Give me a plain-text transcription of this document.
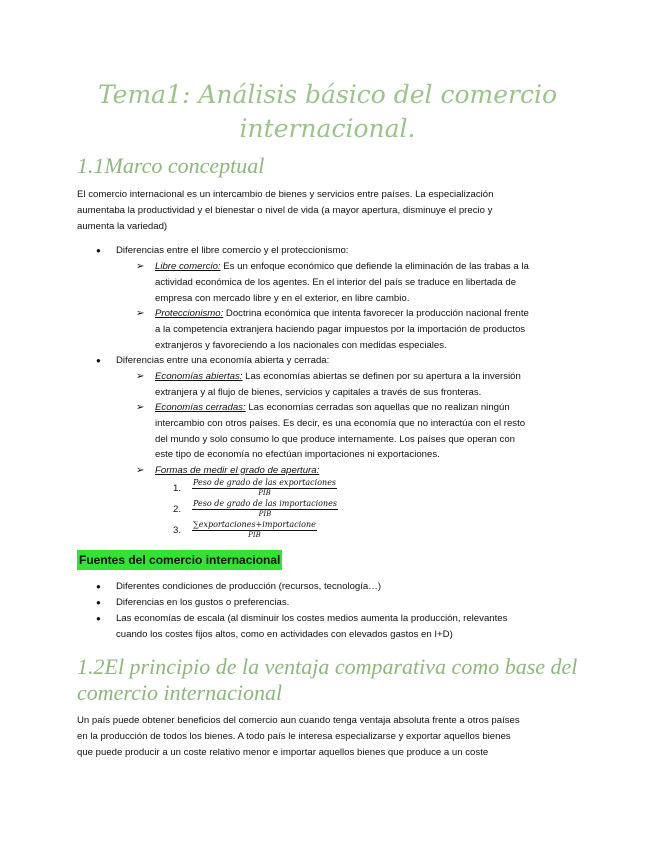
Tema1: Análisis básico del comercio
internacional.
1.1Marco conceptual
El comercio internacional es un intercambio de bienes y servicios entre países. La especialización
aumentaba la productividad y el bienestar o nivel de vida (a mayor apertura, disminuye el precio y
aumenta la variedad)
● Diferencias entre el libre comercio y el proteccionismo:
➢ Libre comercio: Es un enfoque económico que defiende la eliminación de las trabas a la
actividad económica de los agentes. En el interior del país se traduce en libertada de
empresa con mercado libre y en el exterior, en libre cambio.
➢ Proteccionismo: Doctrina económica que intenta favorecer la producción nacional frente
a la competencia extranjera haciendo pagar impuestos por la importación de productos
extranjeros y favoreciendo a los nacionales con medidas especiales.
● Diferencias entre una economía abierta y cerrada:
➢ Economías abiertas: Las economías abiertas se definen por su apertura a la inversión
extranjera y al flujo de bienes, servicios y capitales a través de sus fronteras.
➢ Economías cerradas: Las economías cerradas son aquellas que no realizan ningún
intercambio con otros países. Es decir, es una economía que no interactúa con el resto
del mundo y solo consumo lo que produce internamente. Los países que operan con
este tipo de economía no efectúan importaciones ni exportaciones.
➢ Formas de medir el grado de apertura:
1.
Peso de grado de las exportaciones
PIB
2.
Peso de grado de las importaciones
PIB
3.
∑exportaciones+importacione
PIB
Fuentes del comercio internacional
● Diferentes condiciones de producción (recursos, tecnología…)
● Diferencias en los gustos o preferencias.
● Las economías de escala (al disminuir los costes medios aumenta la producción, relevantes
cuando los costes fijos altos, como en actividades con elevados gastos en I+D)
1.2El principio de la ventaja comparativa como base del
comercio internacional
Un país puede obtener beneficios del comercio aun cuando tenga ventaja absoluta frente a otros países
en la producción de todos los bienes. A todo país le interesa especializarse y exportar aquellos bienes
que puede producir a un coste relativo menor e importar aquellos bienes que produce a un coste
